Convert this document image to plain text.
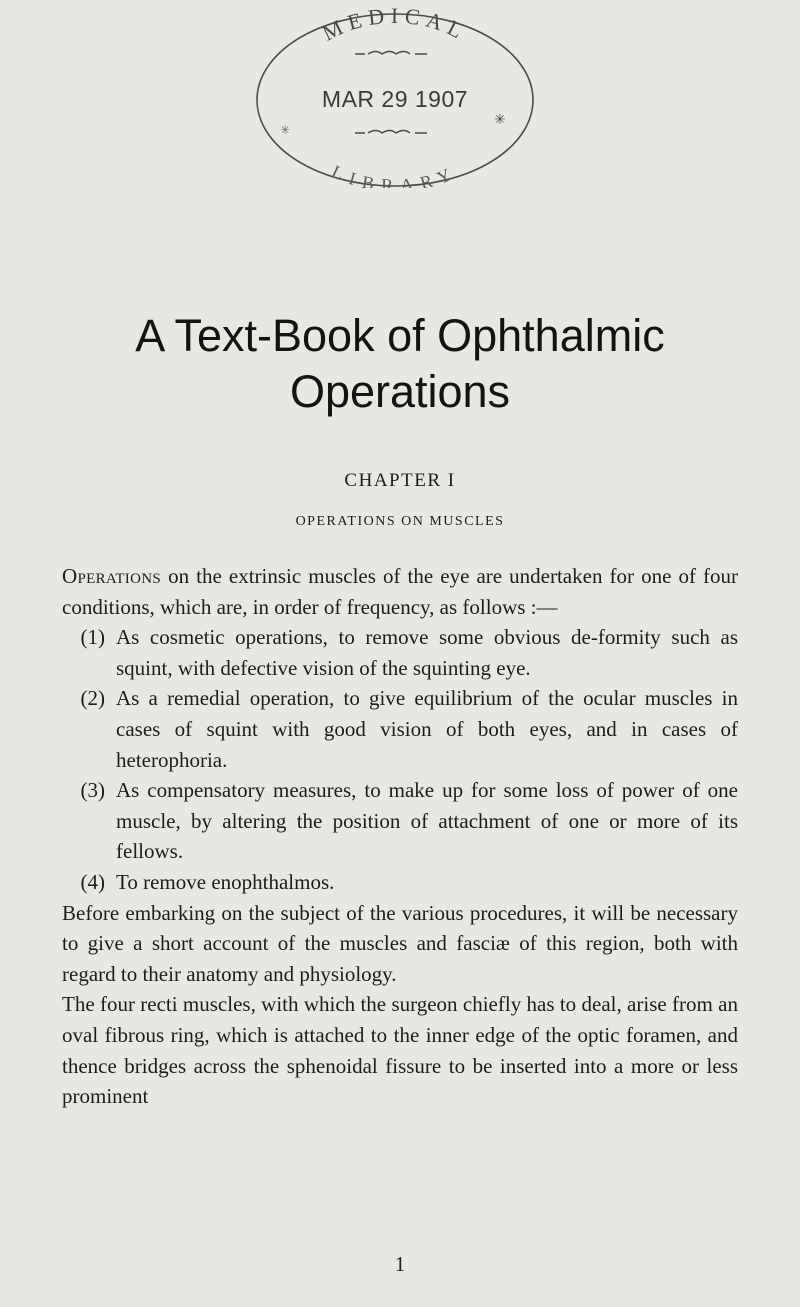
MEDICAL
LIBRARY
✳
✳
MAR 29 1907
A Text-Book of Ophthalmic
Operations
CHAPTER I
OPERATIONS ON MUSCLES

Operations on the extrinsic muscles of the eye are undertaken for one of four conditions, which are, in order of frequency, as follows :—

(1) As cosmetic operations, to remove some obvious de-formity such as squint, with defective vision of the squinting eye.
(2) As a remedial operation, to give equilibrium of the ocular muscles in cases of squint with good vision of both eyes, and in cases of heterophoria.
(3) As compensatory measures, to make up for some loss of power of one muscle, by altering the position of attachment of one or more of its fellows.
(4) To remove enophthalmos.

Before embarking on the subject of the various procedures, it will be necessary to give a short account of the muscles and fasciæ of this region, both with regard to their anatomy and physiology.

The four recti muscles, with which the surgeon chiefly has to deal, arise from an oval fibrous ring, which is attached to the inner edge of the optic foramen, and thence bridges across the sphenoidal fissure to be inserted into a more or less prominent

1
